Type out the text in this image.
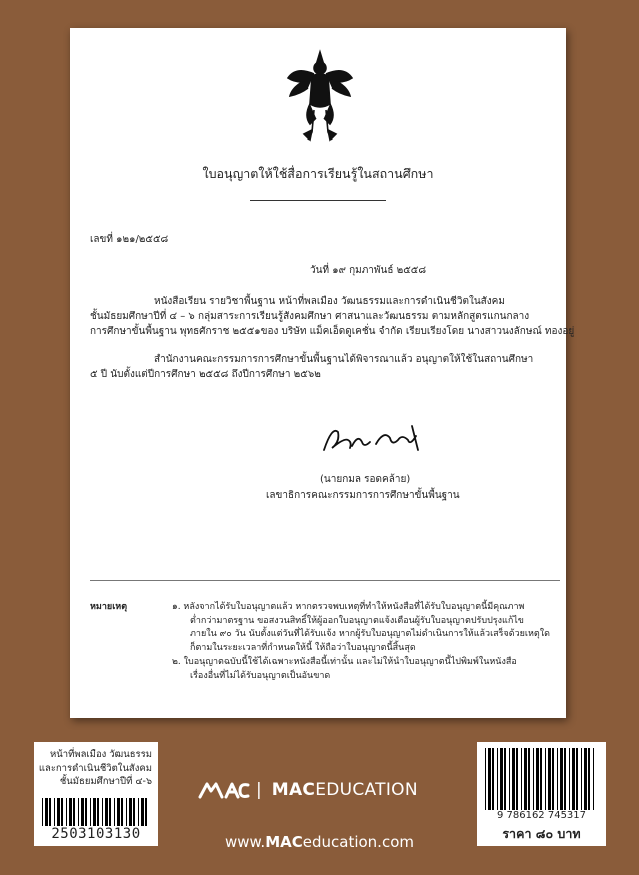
ใบอนุญาตให้ใช้สื่อการเรียนรู้ในสถานศึกษา
เลขที่ ๑๒๑/๒๕๕๘
วันที่ ๑๙ กุมภาพันธ์ ๒๕๕๘
หนังสือเรียน รายวิชาพื้นฐาน หน้าที่พลเมือง วัฒนธรรมและการดำเนินชีวิตในสังคม
ชั้นมัธยมศึกษาปีที่ ๔ – ๖ กลุ่มสาระการเรียนรู้สังคมศึกษา ศาสนาและวัฒนธรรม ตามหลักสูตรแกนกลาง
การศึกษาขั้นพื้นฐาน พุทธศักราช ๒๕๕๑ของ บริษัท แม็คเอ็ดดูเคชั่น จำกัด เรียบเรียงโดย นางสาวนงลักษณ์ ทองอยู่
สำนักงานคณะกรรมการการศึกษาขั้นพื้นฐานได้พิจารณาแล้ว อนุญาตให้ใช้ในสถานศึกษา
๕ ปี นับตั้งแต่ปีการศึกษา ๒๕๕๘ ถึงปีการศึกษา ๒๕๖๒
(นายกมล รอดคล้าย)
เลขาธิการคณะกรรมการการศึกษาขั้นพื้นฐาน
หมายเหตุ	๑. หลังจากได้รับใบอนุญาตแล้ว หากตรวจพบเหตุที่ทำให้หนังสือที่ได้รับใบอนุญาตนี้มีคุณภาพ
ต่ำกว่ามาตรฐาน ขอสงวนสิทธิ์ให้ผู้ออกใบอนุญาตแจ้งเตือนผู้รับใบอนุญาตปรับปรุงแก้ไข
ภายใน ๙๐ วัน นับตั้งแต่วันที่ได้รับแจ้ง หากผู้รับใบอนุญาตไม่ดำเนินการให้แล้วเสร็จด้วยเหตุใด
ก็ตามในระยะเวลาที่กำหนดให้นี้ ให้ถือว่าใบอนุญาตนี้สิ้นสุด
๒. ใบอนุญาตฉบับนี้ใช้ได้เฉพาะหนังสือนี้เท่านั้น และไม่ให้นำใบอนุญาตนี้ไปพิมพ์ในหนังสือ
เรื่องอื่นที่ไม่ได้รับอนุญาตเป็นอันขาด
หน้าที่พลเมือง วัฒนธรรม
และการดำเนินชีวิตในสังคม
ชั้นมัธยมศึกษาปีที่ ๔-๖
2503103130
| MACEDUCATION
www.MACeducation.com
9 786162 745317
ราคา ๘๐ บาท
